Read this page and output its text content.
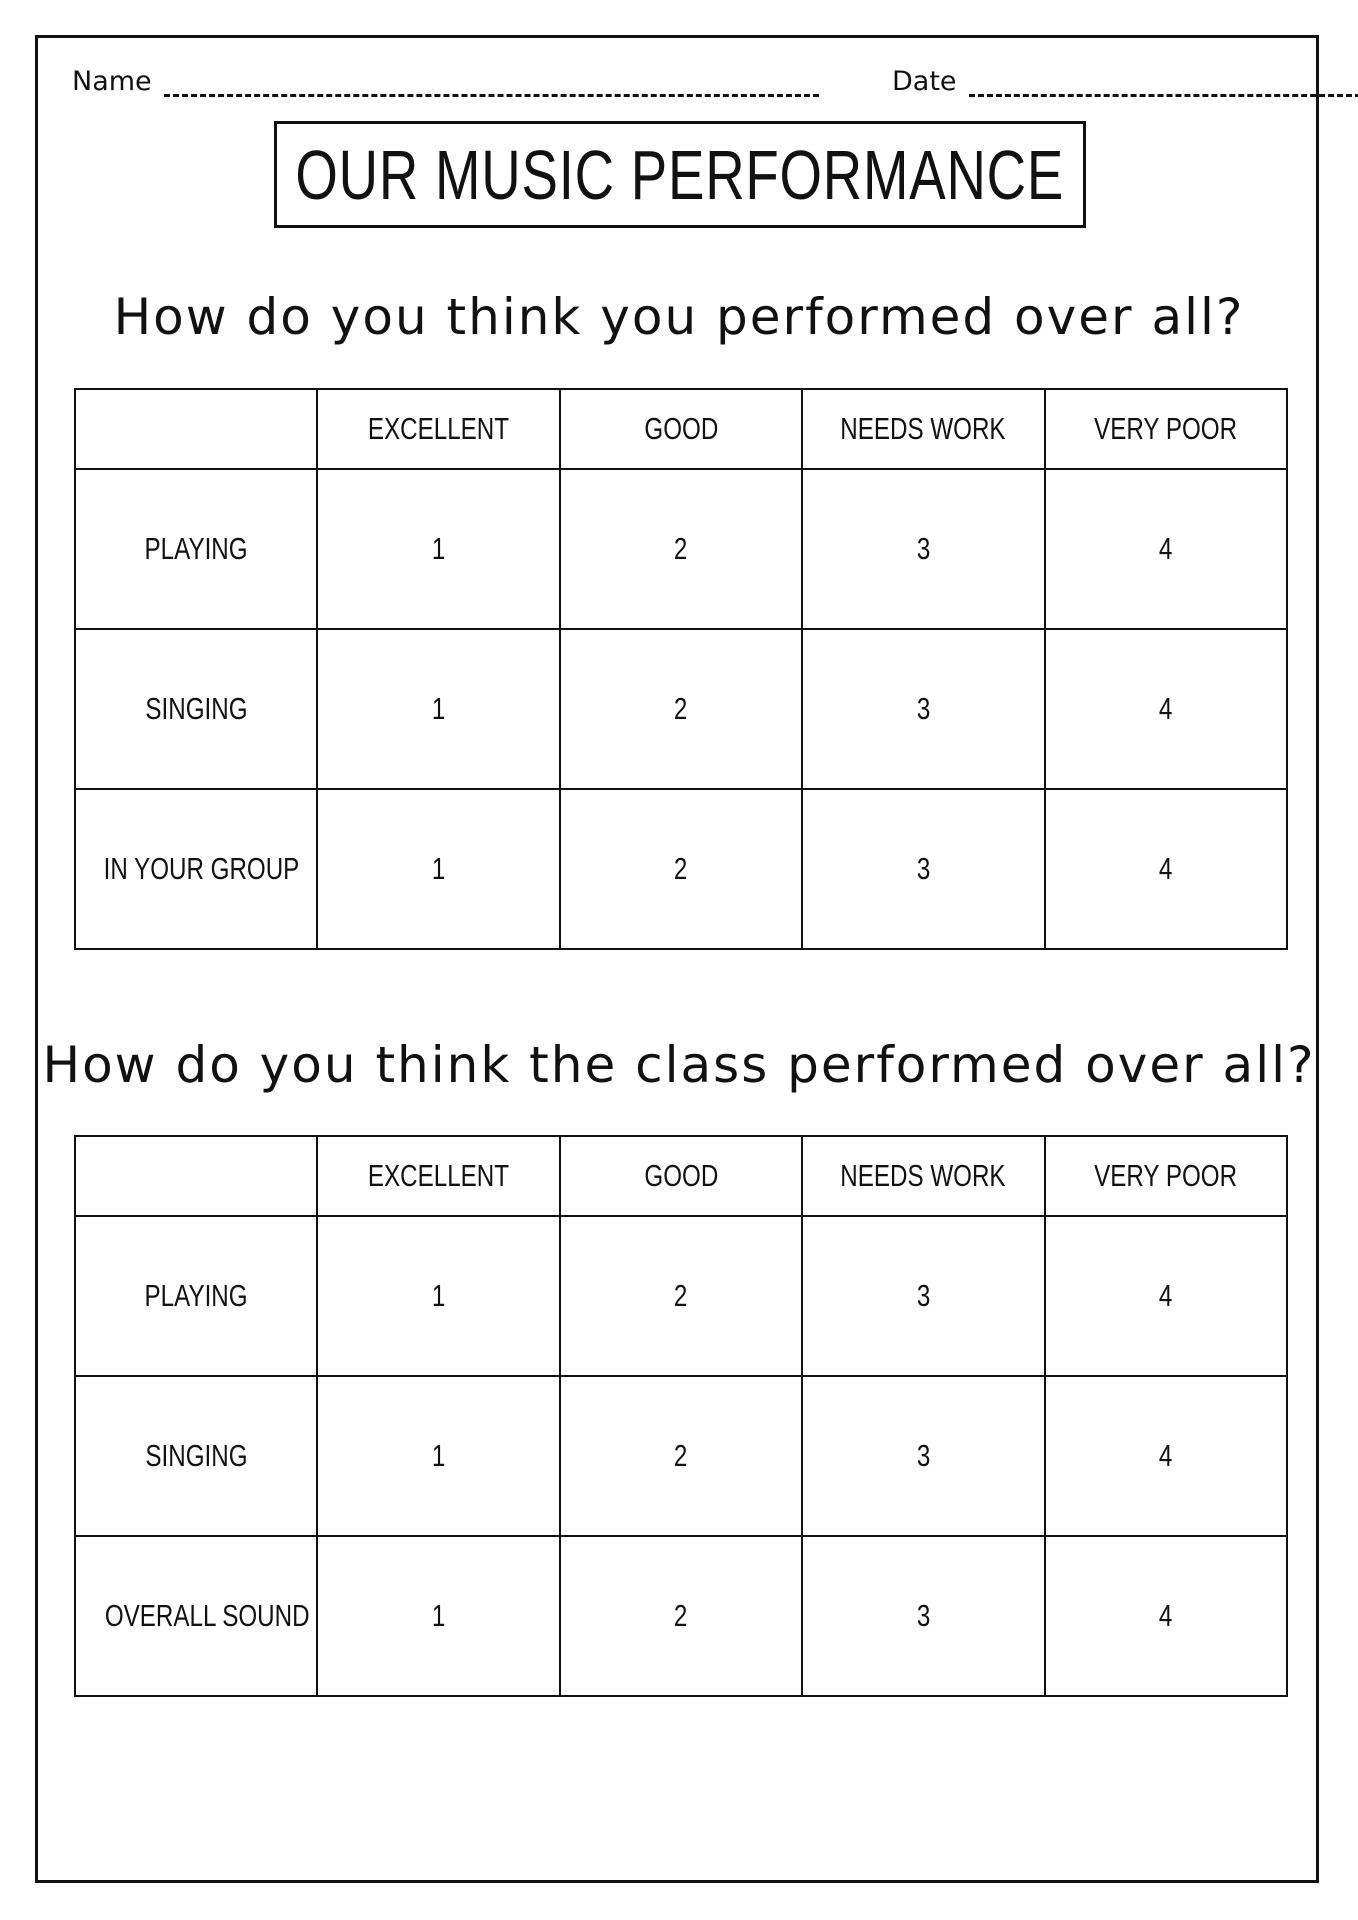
Name	Date
OUR MUSIC PERFORMANCE
How do you think you performed over all?
	EXCELLENT	GOOD	NEEDS WORK	VERY POOR
PLAYING	1	2	3	4
SINGING	1	2	3	4
IN YOUR GROUP	1	2	3	4
How do you think the class performed over all?
	EXCELLENT	GOOD	NEEDS WORK	VERY POOR
PLAYING	1	2	3	4
SINGING	1	2	3	4
OVERALL SOUND	1	2	3	4
